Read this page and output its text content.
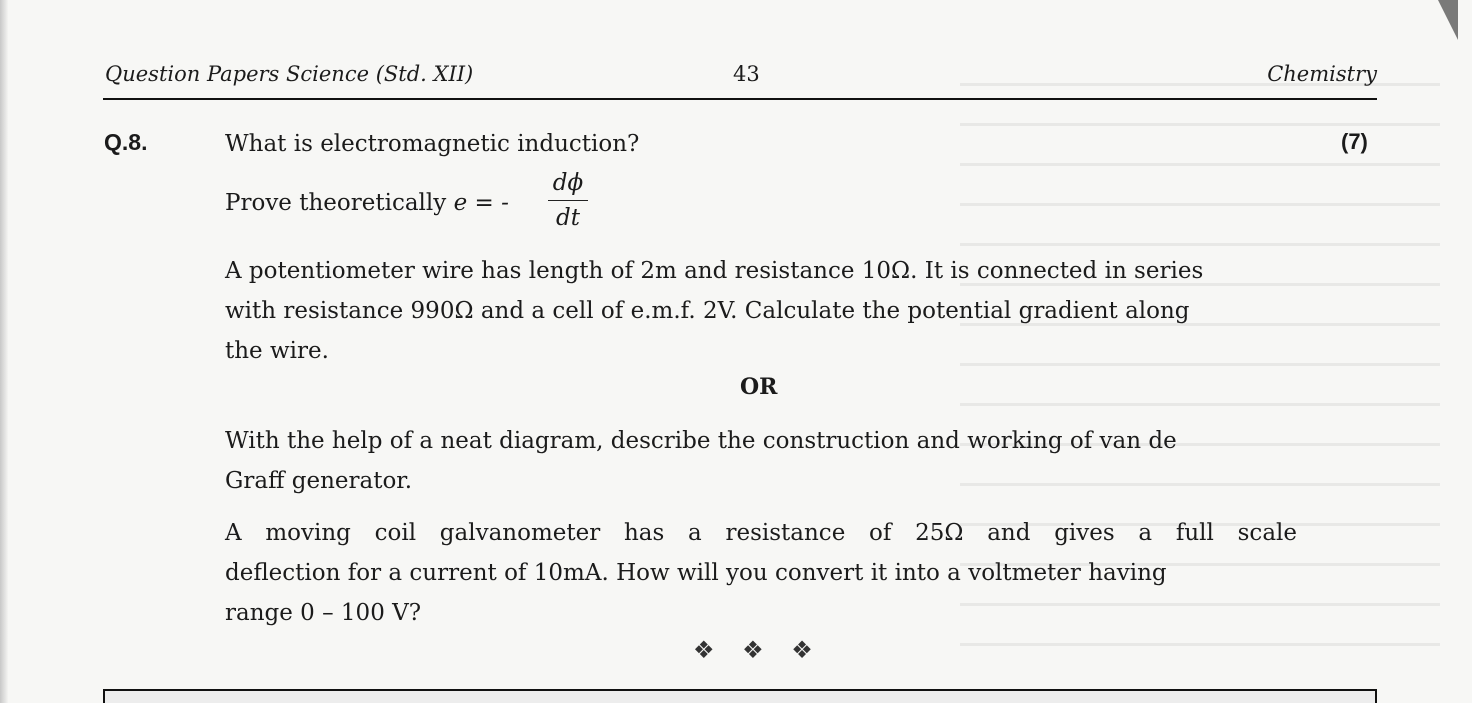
Question Papers Science (Std. XII)	43	Chemistry
Q.8.	(7)
What is electromagnetic induction?
Prove theoretically e = -
dϕ
dt
A potentiometer wire has length of 2m and resistance 10Ω. It is connected in series
with resistance 990Ω and a cell of e.m.f. 2V. Calculate the potential gradient along
the wire.
OR
With the help of a neat diagram, describe the construction and working of van de
Graff generator.
A moving coil galvanometer has a resistance of 25Ω and gives a full scale
deflection for a current of 10mA. How will you convert it into a voltmeter having
range 0 – 100 V?
❖ ❖ ❖
